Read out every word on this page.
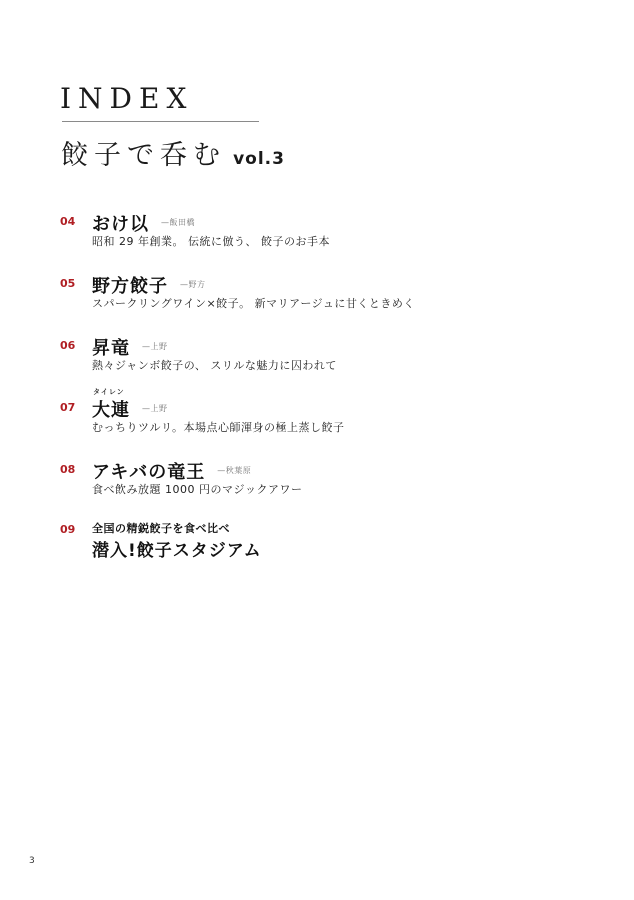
INDEX
餃子で呑む vol.3
04 おけ以 —飯田橋
昭和 29 年創業。 伝統に倣う、 餃子のお手本
05 野方餃子 —野方
スパークリングワイン×餃子。 新マリアージュに甘くときめく
06 昇竜 —上野
熱々ジャンボ餃子の、 スリルな魅力に囚われて
07
タイレン
大連 —上野
むっちりツルリ。本場点心師渾身の極上蒸し餃子
08 アキバの竜王 —秋葉原
食べ飲み放題 1000 円のマジックアワー
09 全国の精鋭餃子を食べ比べ
潜入!餃子スタジアム
3
